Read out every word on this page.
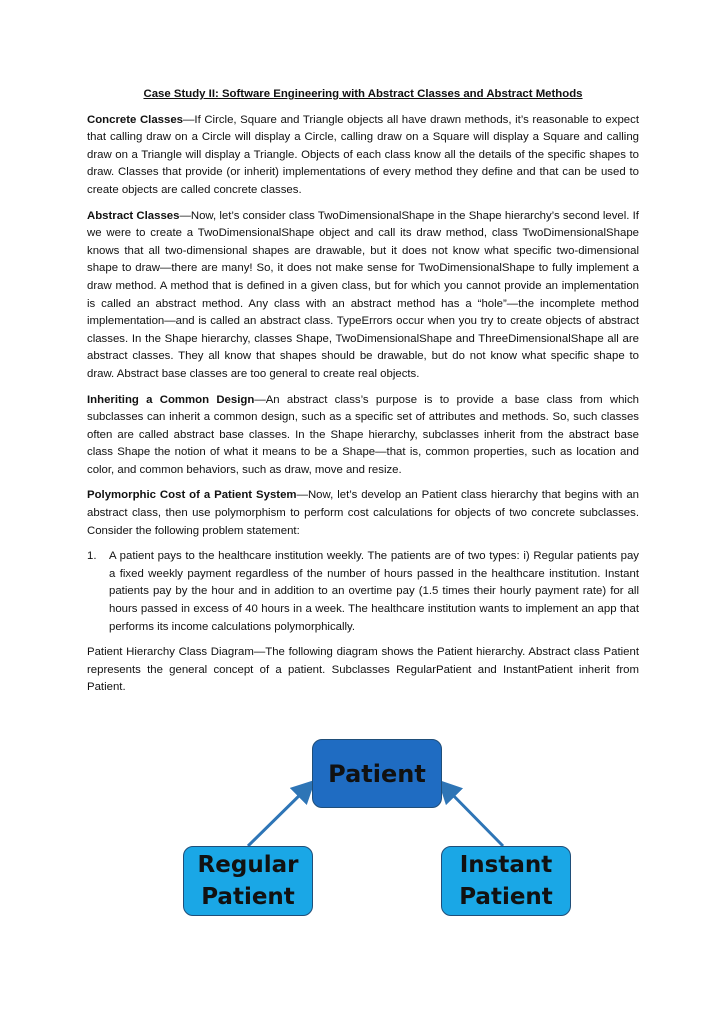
Case Study II: Software Engineering with Abstract Classes and Abstract Methods

Concrete Classes—If Circle, Square and Triangle objects all have drawn methods, it’s reasonable to expect that calling draw on a Circle will display a Circle, calling draw on a Square will display a Square and calling draw on a Triangle will display a Triangle. Objects of each class know all the details of the specific shapes to draw. Classes that provide (or inherit) implementations of every method they define and that can be used to create objects are called concrete classes.

Abstract Classes—Now, let’s consider class TwoDimensionalShape in the Shape hierarchy’s second level. If we were to create a TwoDimensionalShape object and call its draw method, class TwoDimensionalShape knows that all two-dimensional shapes are drawable, but it does not know what specific two-dimensional shape to draw—there are many! So, it does not make sense for TwoDimensionalShape to fully implement a draw method. A method that is defined in a given class, but for which you cannot provide an implementation is called an abstract method. Any class with an abstract method has a “hole”—the incomplete method implementation—and is called an abstract class. TypeErrors occur when you try to create objects of abstract classes. In the Shape hierarchy, classes Shape, TwoDimensionalShape and ThreeDimensionalShape all are abstract classes. They all know that shapes should be drawable, but do not know what specific shape to draw. Abstract base classes are too general to create real objects.

Inheriting a Common Design—An abstract class’s purpose is to provide a base class from which subclasses can inherit a common design, such as a specific set of attributes and methods. So, such classes often are called abstract base classes. In the Shape hierarchy, subclasses inherit from the abstract base class Shape the notion of what it means to be a Shape—that is, common properties, such as location and color, and common behaviors, such as draw, move and resize.

Polymorphic Cost of a Patient System—Now, let’s develop an Patient class hierarchy that begins with an abstract class, then use polymorphism to perform cost calculations for objects of two concrete subclasses. Consider the following problem statement:

1.	A patient pays to the healthcare institution weekly. The patients are of two types: i) Regular patients pay a fixed weekly payment regardless of the number of hours passed in the healthcare institution. Instant patients pay by the hour and in addition to an overtime pay (1.5 times their hourly payment rate) for all hours passed in excess of 40 hours in a week. The healthcare institution wants to implement an app that performs its income calculations polymorphically.

Patient Hierarchy Class Diagram—The following diagram shows the Patient hierarchy. Abstract class Patient represents the general concept of a patient. Subclasses RegularPatient and InstantPatient inherit from Patient.

Patient
Regular
Patient
Instant
Patient
